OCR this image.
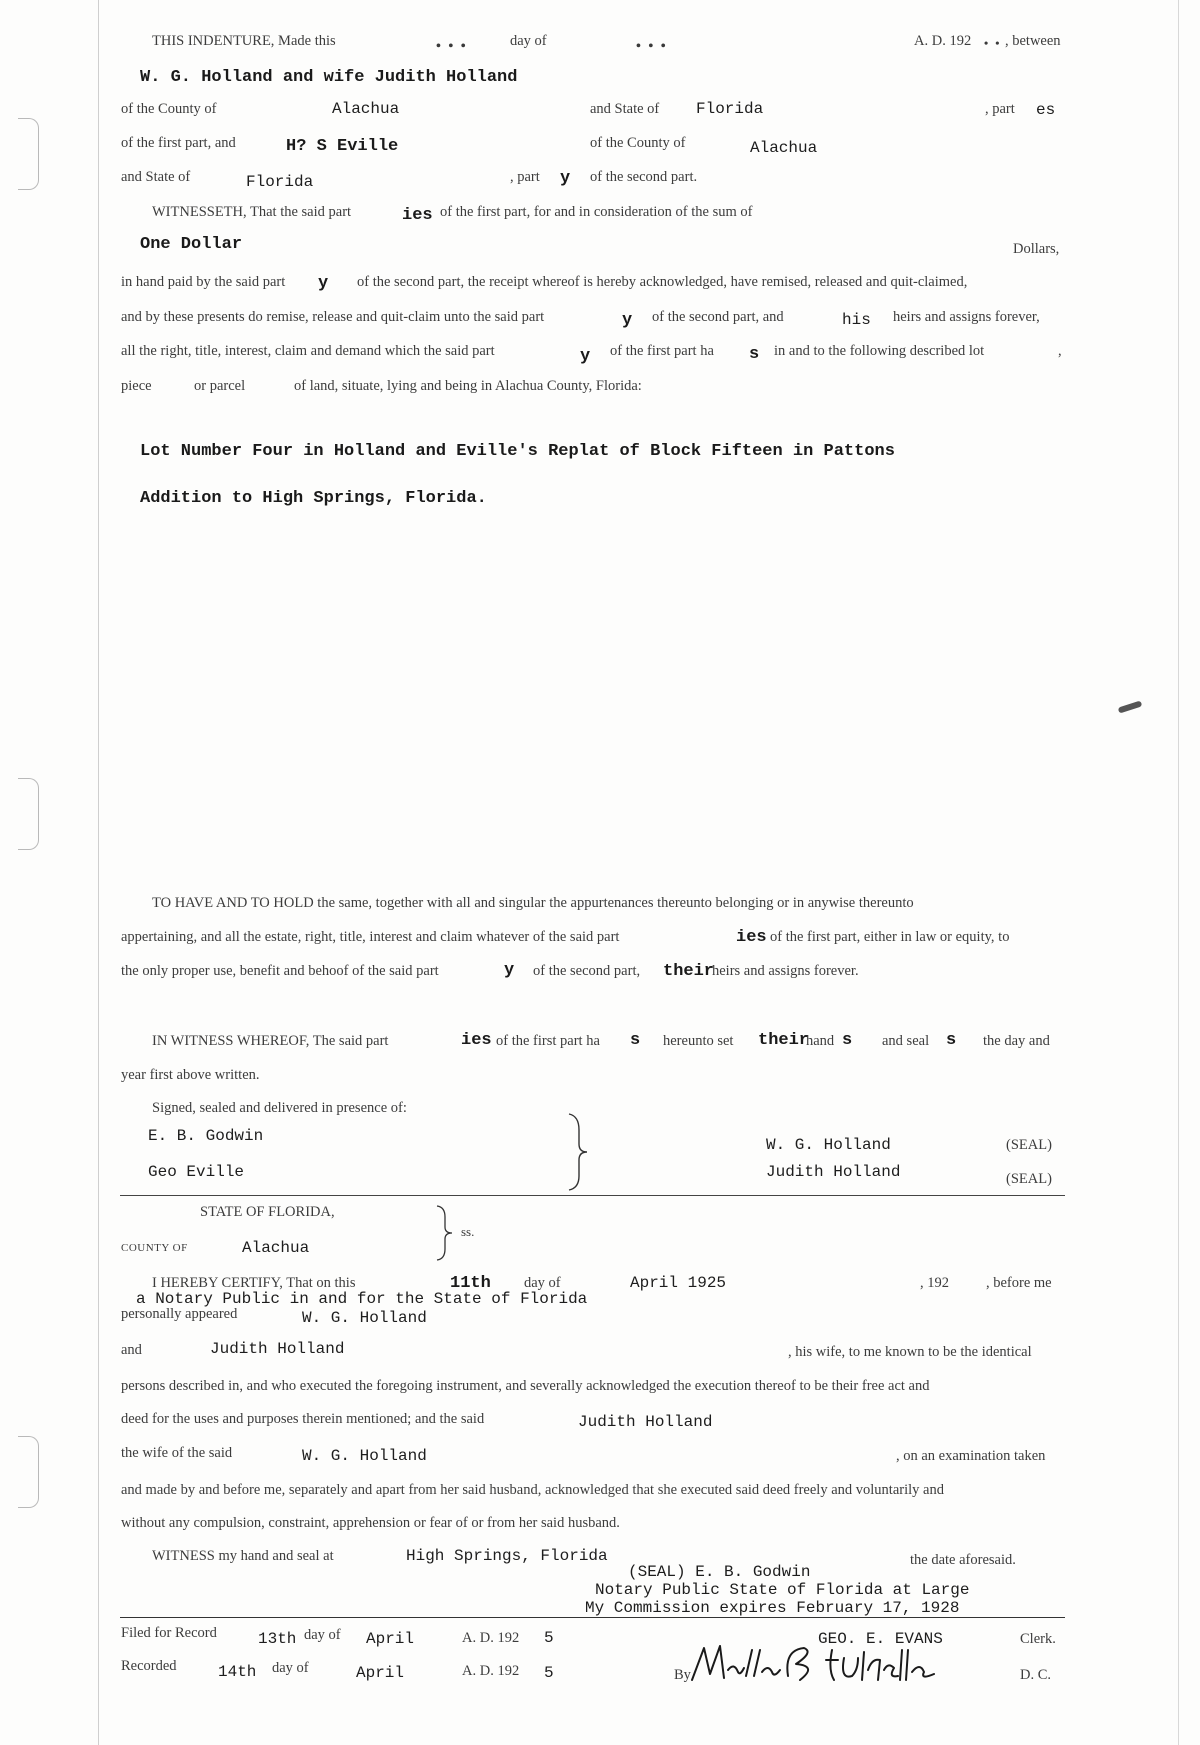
THIS INDENTURE, Made this	• • •	day of	• • •	A. D. 192 • • , between
W. G. Holland and wife Judith Holland
of the County of	Alachua	and State of Florida	, part es
of the first part, and	H? S Eville	of the County of	Alachua
and State of	Florida	, part y of the second part.
WITNESSETH, That the said part	ies of the first part, for and in consideration of the sum of
One Dollar	Dollars,
in hand paid by the said part y of the second part, the receipt whereof is hereby acknowledged, have remised, released and quit-claimed,
and by these presents do remise, release and quit-claim unto the said part	y of the second part, and	his heirs and assigns forever,
all the right, title, interest, claim and demand which the said part	y of the first part ha s in and to the following described lot	,
piece	or parcel	of land, situate, lying and being in Alachua County, Florida:
Lot Number Four in Holland and Eville's Replat of Block Fifteen in Pattons
Addition to High Springs, Florida.
TO HAVE AND TO HOLD the same, together with all and singular the appurtenances thereunto belonging or in anywise thereunto
appertaining, and all the estate, right, title, interest and claim whatever of the said part	ies of the first part, either in law or equity, to
the only proper use, benefit and behoof of the said part	y of the second part, their
heirs and assigns forever.
IN WITNESS WHEREOF, The said part	ies of the first part ha s hereunto set their
hand s and seal s the day and
year first above written.
Signed, sealed and delivered in presence of:
E. B. Godwin
Geo Eville
W. G. Holland
Judith Holland
(SEAL)
(SEAL)
STATE OF FLORIDA,
COUNTY OF	Alachua
ss.
I HEREBY CERTIFY, That on this	11th day of	April 1925	, 192	, before me
a Notary Public in and for the State of Florida
personally appeared	W. G. Holland
and	Judith Holland	, his wife, to me known to be the identical
persons described in, and who executed the foregoing instrument, and severally acknowledged the execution thereof to be their free act and
deed for the uses and purposes therein mentioned; and the said	Judith Holland
the wife of the said	W. G. Holland	, on an examination taken
and made by and before me, separately and apart from her said husband, acknowledged that she executed said deed freely and voluntarily and
without any compulsion, constraint, apprehension or fear of or from her said husband.
WITNESS my hand and seal at	High Springs, Florida	the date aforesaid.
(SEAL) E. B. Godwin
Notary Public State of Florida at Large
My Commission expires February 17, 1928
Filed for Record	13th day of April	A. D. 192 5	GEO. E. EVANS	Clerk.
Recorded	14th day of	April	A. D. 192 5	By	D. C.
